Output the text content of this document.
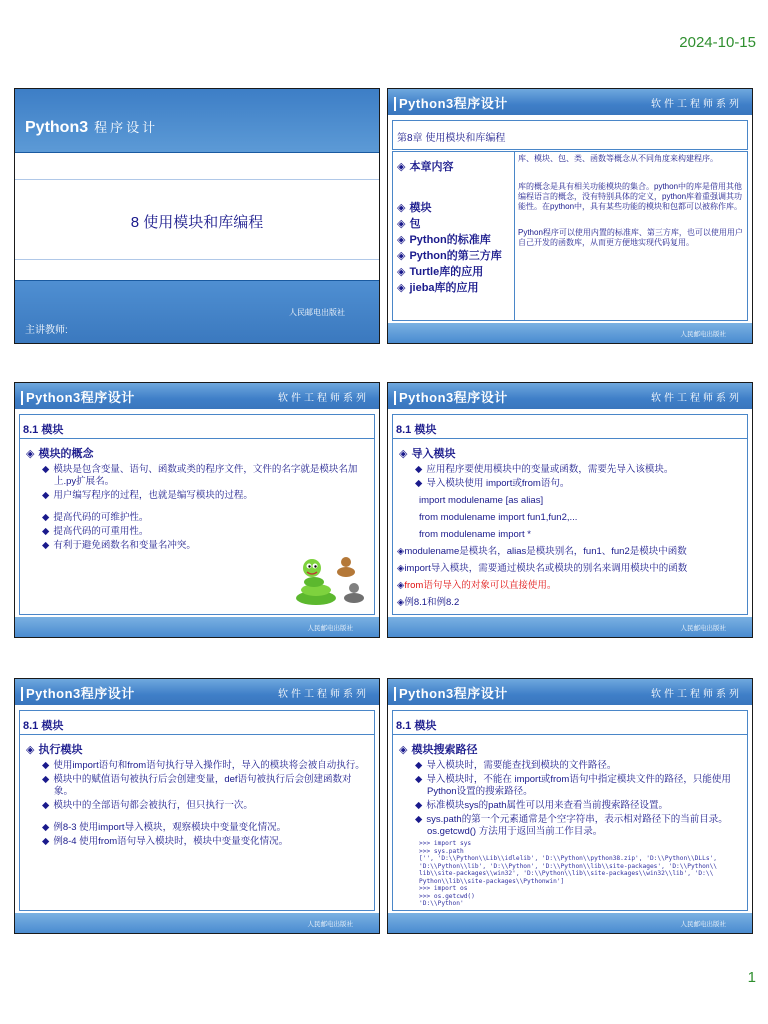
2024-10-15
Python3 程序设计
8 使用模块和库编程
人民邮电出版社
主讲教师:
Python3程序设计	软件工程师系列
第8章 使用模块和库编程
◈ 本章内容
◈ 模块
◈ 包
◈ Python的标准库
◈ Python的第三方库
◈ Turtle库的应用
◈ jieba库的应用
库、模块、包、类、函数等概念从不同角度来构建程序。
库的概念是具有相关功能模块的集合。python中的库是借用其他编程语言的概念，没有特别具体的定义，python库着重强调其功能性。在python中，具有某些功能的模块和包都可以被称作库。
Python程序可以使用内置的标准库、第三方库，也可以使用用户自己开发的函数库，从而更方便地实现代码复用。
人民邮电出版社
Python3程序设计	软件工程师系列
8.1 模块
◈ 模块的概念
◆ 模块是包含变量、语句、函数或类的程序文件，文件的名字就是模块名加上.py扩展名。
◆ 用户编写程序的过程，也就是编写模块的过程。
◆ 提高代码的可维护性。
◆ 提高代码的可重用性。
◆ 有利于避免函数名和变量名冲突。
人民邮电出版社
Python3程序设计	软件工程师系列
8.1 模块
◈ 导入模块
◆ 应用程序要使用模块中的变量或函数，需要先导入该模块。
◆ 导入模块使用 import或from语句。
import modulename [as alias]
from modulename import fun1,fun2,...
from modulename import *
◈modulename是模块名，alias是模块别名，fun1、fun2是模块中函数
◈import导入模块，需要通过模块名或模块的别名来调用模块中的函数
◈from语句导入的对象可以直接使用。
◈例8.1和例8.2
人民邮电出版社
Python3程序设计	软件工程师系列
8.1 模块
◈ 执行模块
◆ 使用import语句和from语句执行导入操作时，导入的模块将会被自动执行。
◆ 模块中的赋值语句被执行后会创建变量，def语句被执行后会创建函数对象。
◆ 模块中的全部语句都会被执行，但只执行一次。
◆ 例8-3 使用import导入模块，观察模块中变量变化情况。
◆ 例8-4 使用from语句导入模块时，模块中变量变化情况。
人民邮电出版社
Python3程序设计	软件工程师系列
8.1 模块
◈ 模块搜索路径
◆ 导入模块时，需要能查找到模块的文件路径。
◆ 导入模块时，不能在 import或from语句中指定模块文件的路径，只能使用Python设置的搜索路径。
◆ 标准模块sys的path属性可以用来查看当前搜索路径设置。
◆ sys.path的第一个元素通常是个空字符串，表示相对路径下的当前目录。os.getcwd() 方法用于返回当前工作目录。
>>> import sys
>>> sys.path
['', 'D:\\Python\\Lib\\idlelib', 'D:\\Python\\python38.zip', 'D:\\Python\\DLLs',
'D:\\Python\\lib', 'D:\\Python', 'D:\\Python\\lib\\site-packages', 'D:\\Python\\
lib\\site-packages\\win32', 'D:\\Python\\lib\\site-packages\\win32\\lib', 'D:\\
Python\\lib\\site-packages\\Pythonwin']
>>> import os
>>> os.getcwd()
'D:\\Python'
人民邮电出版社
1
